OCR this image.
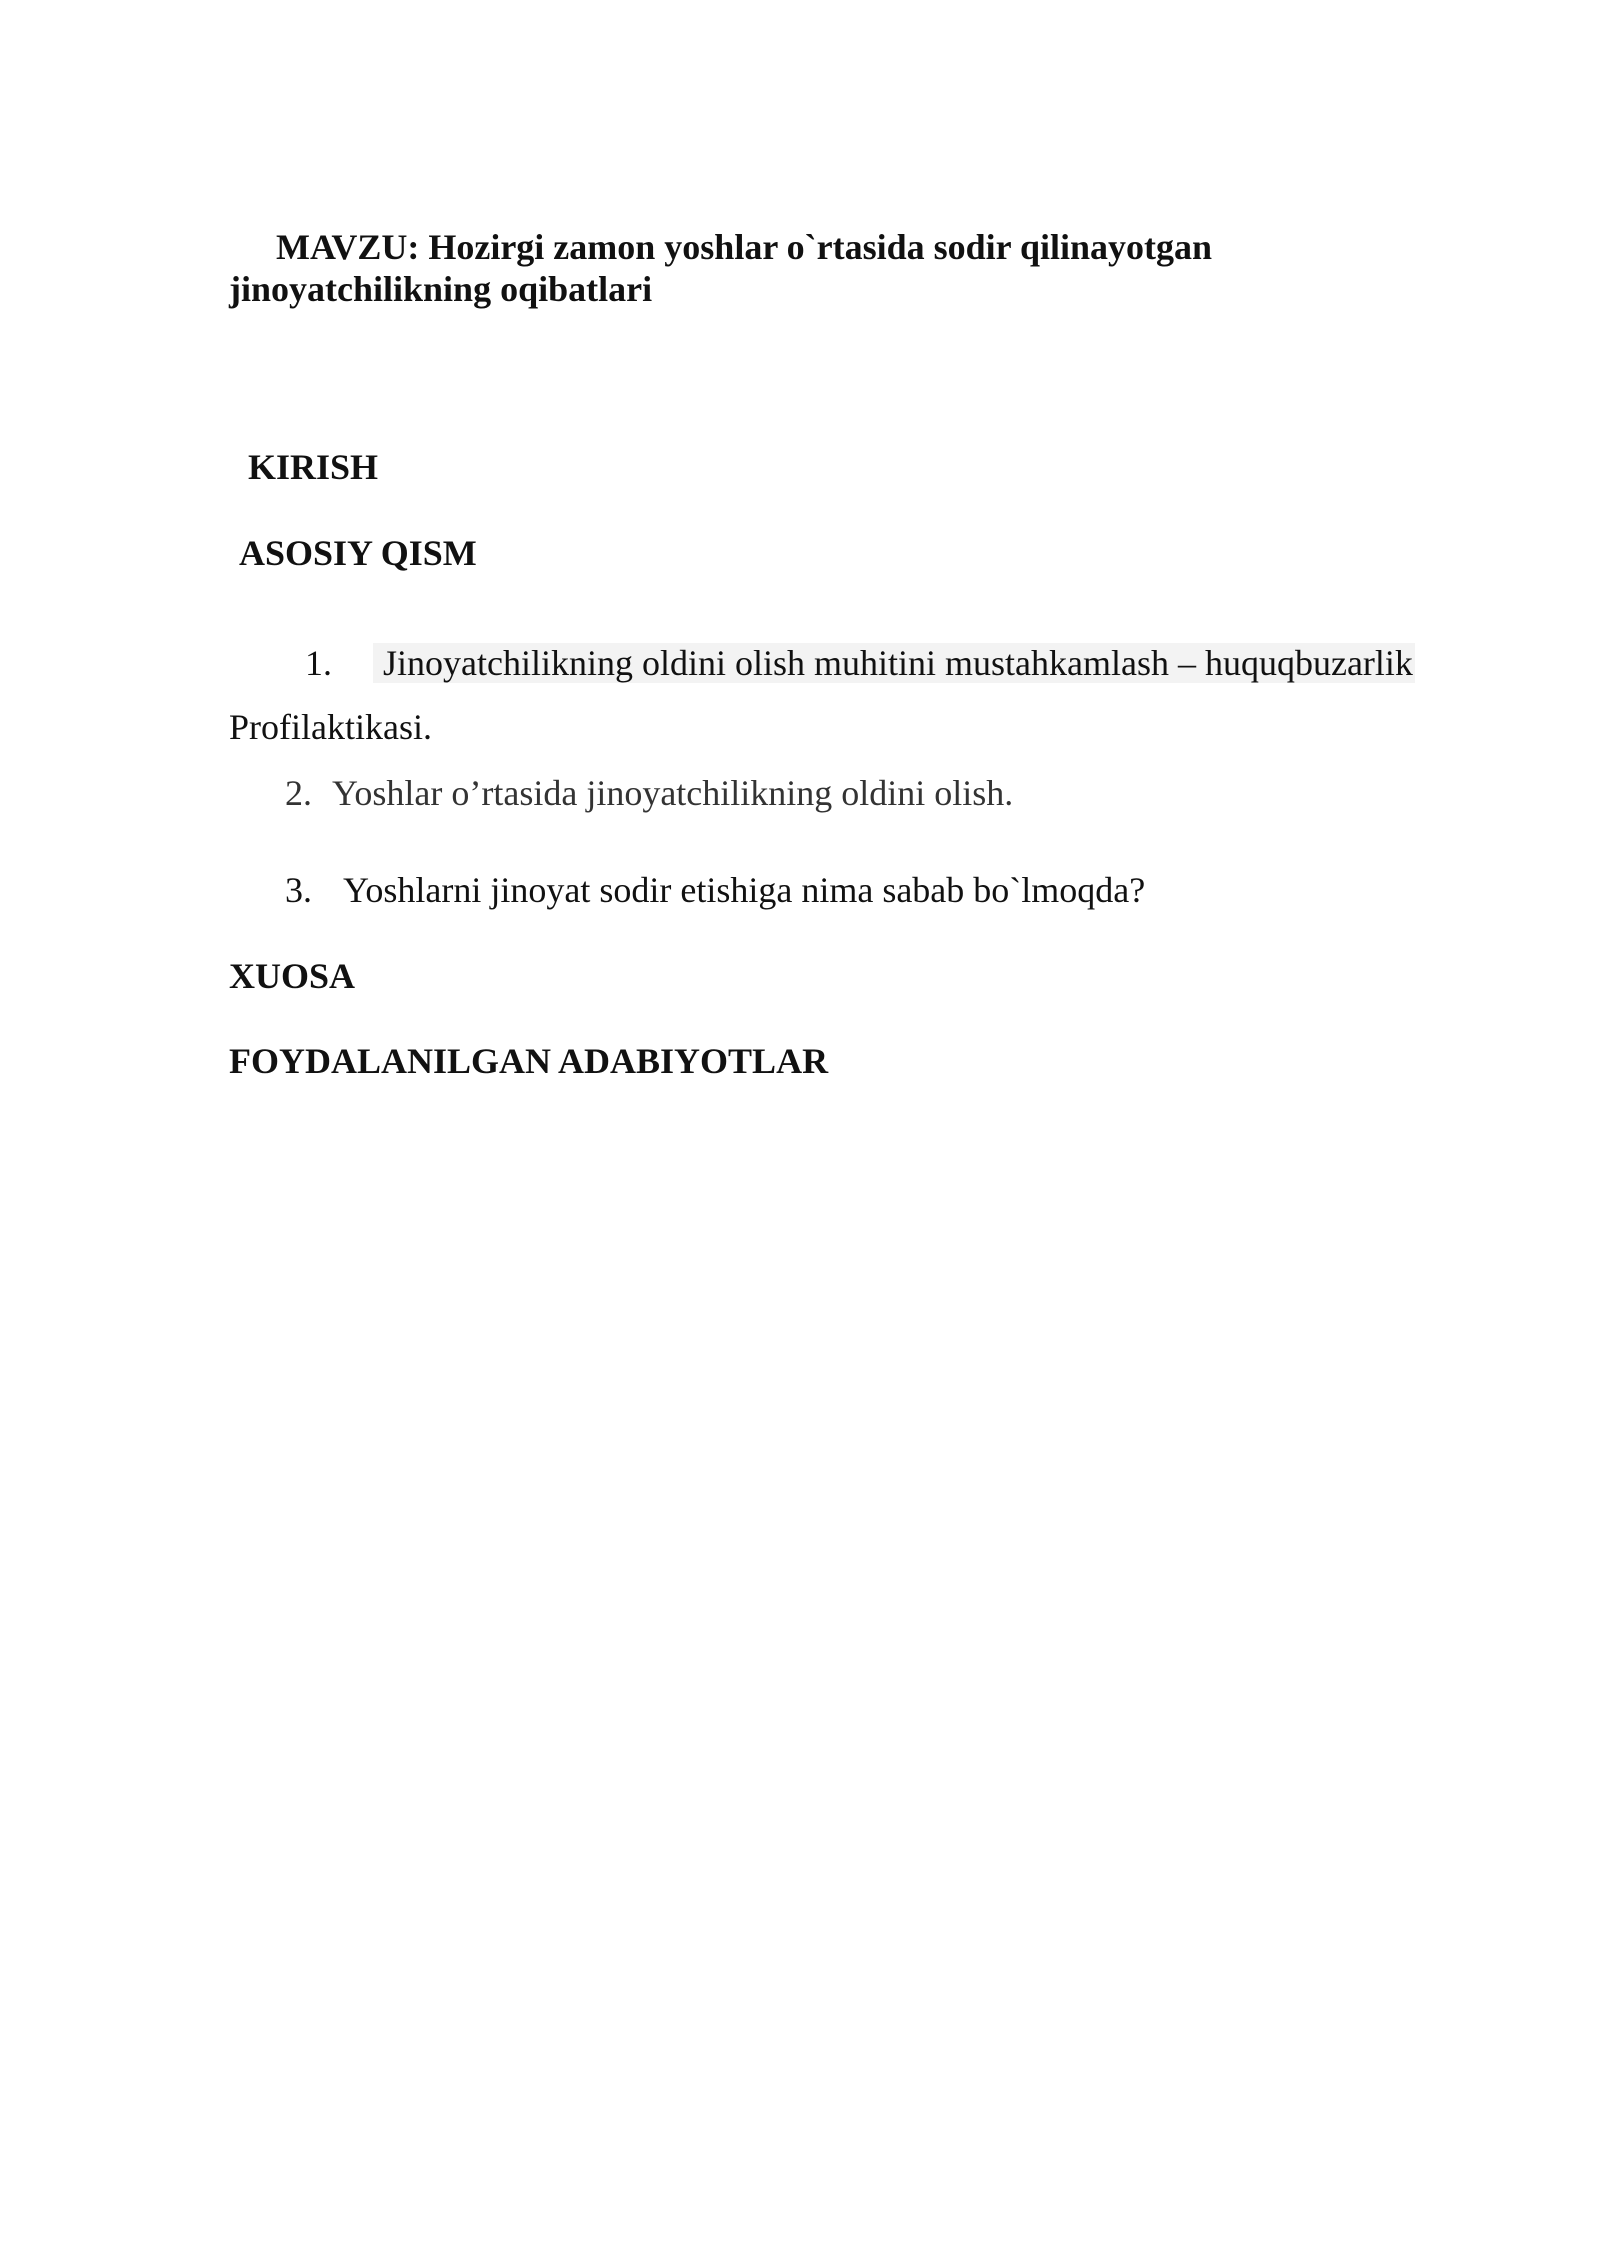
MAVZU: Hozirgi zamon yoshlar o`rtasida sodir qilinayotgan
jinoyatchilikning oqibatlari
KIRISH
ASOSIY QISM

1. Jinoyatchilikning oldini olish muhitini mustahkamlash – huquqbuzarlik

Profilaktikasi.

2. Yoshlar o’rtasida jinoyatchilikning oldini olish.

3. Yoshlarni jinoyat sodir etishiga nima sabab bo`lmoqda?

XUOSA
FOYDALANILGAN ADABIYOTLAR
